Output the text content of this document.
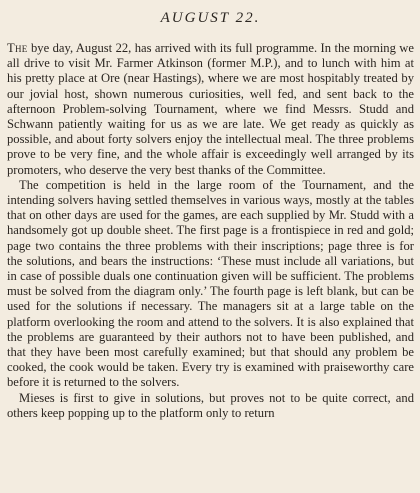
AUGUST 22.

The bye day, August 22, has arrived with its full programme. In the morning we all drive to visit Mr. Farmer Atkinson (former M.P.), and to lunch with him at his pretty place at Ore (near Hastings), where we are most hospitably treated by our jovial host, shown numerous curiosities, well fed, and sent back to the afternoon Problem-solving Tournament, where we find Messrs. Studd and Schwann patiently waiting for us as we are late. We get ready as quickly as possible, and about forty solvers enjoy the intellectual meal. The three problems prove to be very fine, and the whole affair is exceedingly well arranged by its promoters, who deserve the very best thanks of the Committee.

The competition is held in the large room of the Tournament, and the intending solvers having settled themselves in various ways, mostly at the tables that on other days are used for the games, are each supplied by Mr. Studd with a handsomely got up double sheet. The first page is a frontispiece in red and gold; page two contains the three problems with their inscriptions; page three is for the solutions, and bears the instructions: ‘These must include all variations, but in case of possible duals one continuation given will be sufficient. The problems must be solved from the diagram only.’ The fourth page is left blank, but can be used for the solutions if necessary. The managers sit at a large table on the platform overlooking the room and attend to the solvers. It is also explained that the problems are guaranteed by their authors not to have been published, and that they have been most carefully examined; but that should any problem be cooked, the cook would be taken. Every try is examined with praiseworthy care before it is returned to the solvers.

Mieses is first to give in solutions, but proves not to be quite correct, and others keep popping up to the platform only to return
